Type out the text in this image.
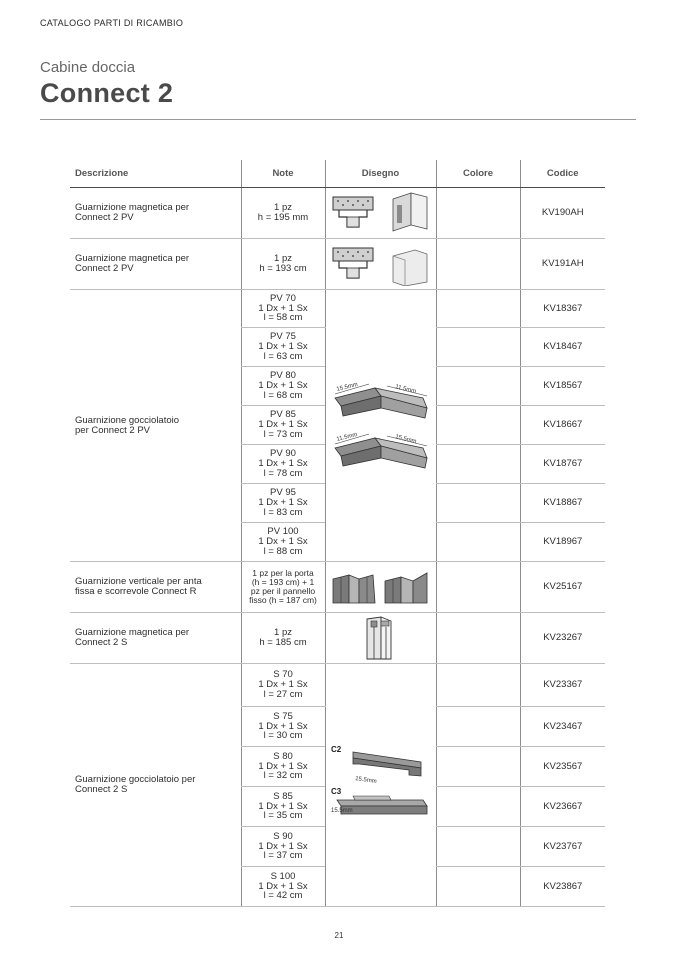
CATALOGO PARTI DI RICAMBIO
Cabine doccia
Connect 2
Descrizione	Note	Disegno	Colore	Codice
Guarnizione magnetica per
Connect 2 PV	1 pz
h = 195 mm			KV190AH
Guarnizione magnetica per
Connect 2 PV	1 pz
h = 193 cm			KV191AH
Guarnizione gocciolatoio
per Connect 2 PV	PV 70
1 Dx + 1 Sx
l = 58 cm	15.5mm 11.5mm
11.5mm 15.5mm		KV18367
	PV 75
1 Dx + 1 Sx
l = 63 cm			KV18467
	PV 80
1 Dx + 1 Sx
l = 68 cm			KV18567
	PV 85
1 Dx + 1 Sx
l = 73 cm			KV18667
	PV 90
1 Dx + 1 Sx
l = 78 cm			KV18767
	PV 95
1 Dx + 1 Sx
l = 83 cm			KV18867
	PV 100
1 Dx + 1 Sx
l = 88 cm			KV18967
Guarnizione verticale per anta
fissa e scorrevole Connect R	1 pz per la porta
(h = 193 cm) + 1
pz per il pannello
fisso (h = 187 cm)			KV25167
Guarnizione magnetica per
Connect 2 S	1 pz
h = 185 cm			KV23267
Guarnizione gocciolatoio per
Connect 2 S	S 70
1 Dx + 1 Sx
l = 27 cm	C2
15.5mm
C3
15.5mm		KV23367
	S 75
1 Dx + 1 Sx
l = 30 cm			KV23467
	S 80
1 Dx + 1 Sx
l = 32 cm			KV23567
	S 85
1 Dx + 1 Sx
l = 35 cm			KV23667
	S 90
1 Dx + 1 Sx
l = 37 cm			KV23767
	S 100
1 Dx + 1 Sx
l = 42 cm			KV23867
21
